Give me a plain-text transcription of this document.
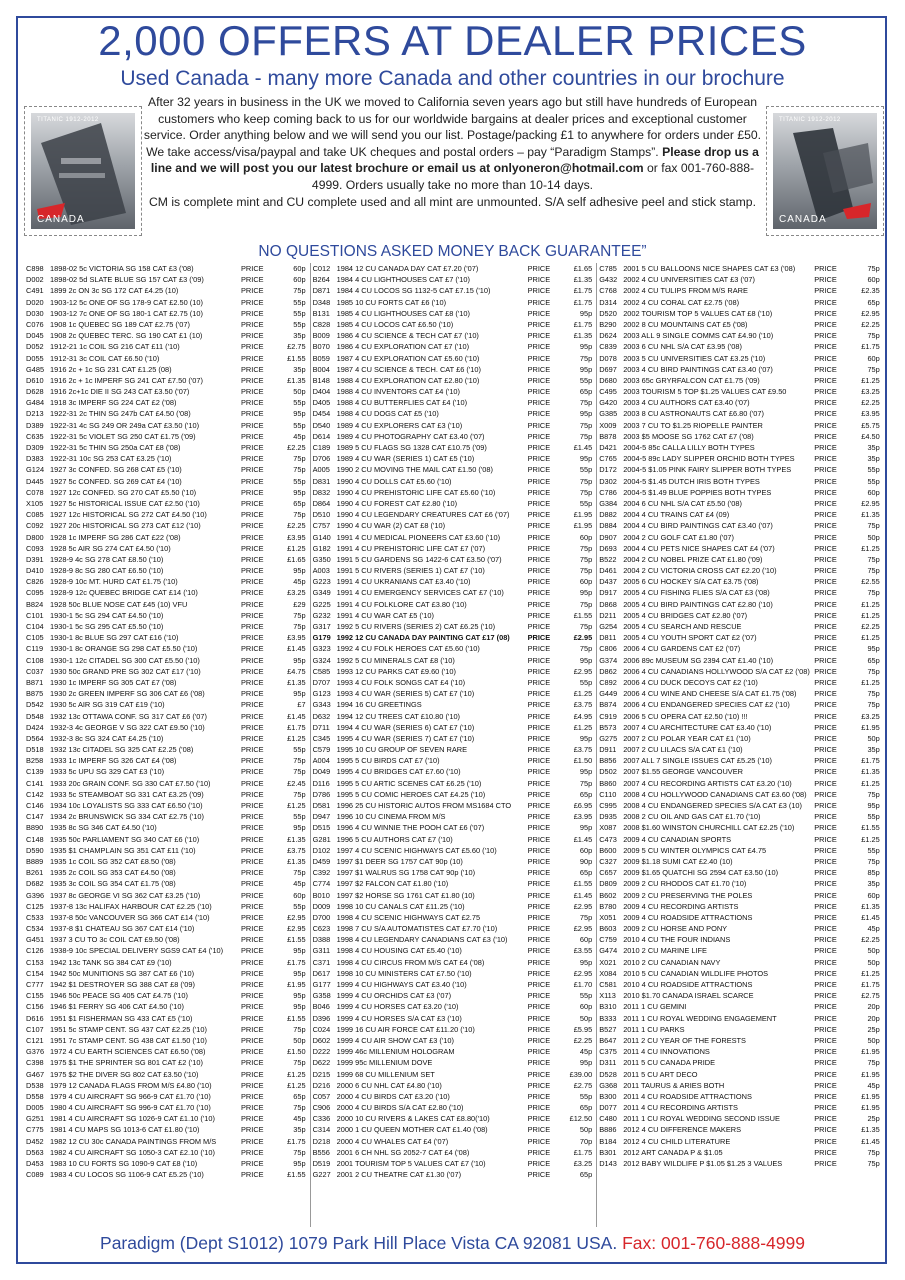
2,000 OFFERS AT DEALER PRICES
Used Canada - many more Canada and other countries in our brochure
TITANIC 1912-2012
CANADA
TITANIC 1912-2012
CANADA

After 32 years in business in the UK we moved to California seven years ago but still have hundreds of European customers who keep coming back to us for our worldwide bargains at dealer prices and exceptional customer service. Order anything below and we will send you our list. Postage/packing £1 to anywhere for orders under £50. We take access/visa/paypal and take UK cheques and postal orders – pay “Paradigm Stamps”. Please drop us a line and we will post you our latest brochure or email us at onlyoneron@hotmail.com or fax 001-760-888-4999. Orders usually take no more than 10-14 days.

CM is complete mint and CU complete used and all mint are unmounted. S/A self adhesive peel and stick stamp.

NO QUESTIONS ASKED MONEY BACK GUARANTEE”
C898 1898-02 5c VICTORIA SG 158 CAT £3 ('08)	PRICE	60p
D002 1898-02 5d SLATE BLUE SG 157 CAT £3 ('09)	PRICE	60p
C491 1899 2c ON 3c SG 172 CAT £4.25 (10)	PRICE	75p
D020 1903-12 5c ONE OF SG 178-9 CAT £2.50 (10)	PRICE	55p
D030 1903-12 7c ONE OF SG 180-1 CAT £2.75 (10)	PRICE	55p
C076 1908 1c QUEBEC SG 189 CAT £2.75 ('07)	PRICE	55p
D045 1908 2c QUEBEC TERC. SG 190 CAT £1 (10)	PRICE	35p
D052 1912-21 1c COIL SG 216 CAT £11 ('10)	PRICE	£2.75
D055 1912-31 3c COIL CAT £6.50 ('10)	PRICE	£1.55
G485 1916 2c + 1c SG 231 CAT £1.25 (08)	PRICE	35p
D610 1916 2c + 1c IMPERF SG 241 CAT £7.50 ('07)	PRICE	£1.35
D628 1916 2c+1c DIE II SG 243 CAT £3.50 ('07)	PRICE	50p
G484 1918 3c IMPERF SG 224 CAT £2 ('08)	PRICE	55p
D213 1922-31 2c THIN SG 247b CAT £4.50 ('08)	PRICE	95p
D389 1922-31 4c SG 249 OR 249a CAT £3.50 ('10)	PRICE	55p
C635 1922-31 5c VIOLET SG 250 CAT £1.75 ('09)	PRICE	45p
D309 1922-31 5c THIN SG 250a CAT £8 ('08)	PRICE	£2.25
D383 1922-31 10c SG 253 CAT £3.25 ('10)	PRICE	75p
G124 1927 3c CONFED. SG 268 CAT £5 ('10)	PRICE	75p
D445 1927 5c CONFED. SG 269 CAT £4 ('10)	PRICE	55p
C078 1927 12c CONFED. SG 270 CAT £5.50 ('10)	PRICE	95p
X105 1927 5c HISTORICAL ISSUE CAT £2.50 ('10)	PRICE	65p
C085 1927 12c HISTORICAL SG 272 CAT £4.50 ('10)	PRICE	75p
C092 1927 20c HISTORICAL SG 273 CAT £12 ('10)	PRICE	£2.25
D800 1928 1c IMPERF SG 286 CAT £22 ('08)	PRICE	£3.95
C093 1928 5c AIR SG 274 CAT £4.50 ('10)	PRICE	£1.25
D391 1928-9 4c SG 278 CAT £8.50 ('10)	PRICE	£1.65
D410 1928-9 8c SG 280 CAT £6.50 ('10)	PRICE	95p
C826 1928-9 10c MT. HURD CAT £1.75 ('10)	PRICE	45p
C095 1928-9 12c QUEBEC BRIDGE CAT £14 ('10)	PRICE	£3.25
B824 1928 50c BLUE NOSE CAT £45 (10) VFU	PRICE	£29
C101 1930-1 5c SG 294 CAT £4.50 ('10)	PRICE	75p
C104 1930-1 5c SG 295 CAT £5.50 ('10)	PRICE	75p
C105 1930-1 8c BLUE SG 297 CAT £16 ('10)	PRICE	£3.95
C119 1930-1 8c ORANGE SG 298 CAT £5.50 ('10)	PRICE	£1.45
C108 1930-1 12c CITADEL SG 300 CAT £5.50 ('10)	PRICE	95p
C037 1930 50c GRAND PRE SG 302 CAT £17 ('10)	PRICE	£4.75
B871 1930 1c IMPERF SG 305 CAT £7 ('08)	PRICE	£1.35
B875 1930 2c GREEN IMPERF SG 306 CAT £6 ('08)	PRICE	95p
D542 1930 5c AIR SG 319 CAT £19 ('10)	PRICE	£7
D548 1932 13c OTTAWA CONF. SG 317 CAT £6 ('07)	PRICE	£1.45
D424 1932-3 4c GEORGE V SG 322 CAT £9.50 ('10)	PRICE	£1.75
D564 1932-3 8c SG 324 CAT £4.25 ('10)	PRICE	£1.25
D518 1932 13c CITADEL SG 325 CAT £2.25 ('08)	PRICE	55p
B258 1933 1c IMPERF SG 326 CAT £4 ('08)	PRICE	75p
C139 1933 5c UPU SG 329 CAT £3 ('10)	PRICE	75p
C141 1933 20c GRAIN CONF. SG 330 CAT £7.50 ('10)	PRICE	£2.45
C142 1933 5c STEAMBOAT SG 331 CAT £3.25 ('09)	PRICE	75p
C146 1934 10c LOYALISTS SG 333 CAT £6.50 ('10)	PRICE	£1.25
C147 1934 2c BRUNSWICK SG 334 CAT £2.75 ('10)	PRICE	55p
B890 1935 8c SG 346 CAT £4.50 ('10)	PRICE	95p
C148 1935 50c PARLIAMENT SG 340 CAT £6 ('10)	PRICE	£1.35
D590 1935 $1 CHAMPLAIN SG 351 CAT £11 ('10)	PRICE	£3.75
B889 1935 1c COIL SG 352 CAT £8.50 ('08)	PRICE	£1.35
B261 1935 2c COIL SG 353 CAT £4.50 ('08)	PRICE	75p
D682 1935 3c COIL SG 354 CAT £1.75 ('08)	PRICE	45p
G396 1937 8c GEORGE VI SG 362 CAT £3.25 ('10)	PRICE	60p
C125 1937-8 13c HALIFAX HARBOUR CAT £2.25 ('10)	PRICE	55p
C533 1937-8 50c VANCOUVER SG 366 CAT £14 ('10)	PRICE	£2.95
C534 1937-8 $1 CHATEAU SG 367 CAT £14 ('10)	PRICE	£2.95
G451 1937 3 CU TO 3c COIL CAT £9.50 ('08)	PRICE	£1.55
C126 1938-9 10c SPECIAL DELIVERY SGS9 CAT £4 ('10) PRICE	95p
C153 1942 13c TANK SG 384 CAT £9 ('10)	PRICE	£1.75
C154 1942 50c MUNITIONS SG 387 CAT £6 ('10)	PRICE	95p
C777 1942 $1 DESTROYER SG 388 CAT £8 ('09)	PRICE	£1.95
C155 1946 50c PEACE SG 405 CAT £4.75 ('10)	PRICE	95p
C156 1946 $1 FERRY SG 406 CAT £4.50 ('10)	PRICE	95p
D616 1951 $1 FISHERMAN SG 433 CAT £5 ('10)	PRICE	£1.55
C107 1951 5c STAMP CENT. SG 437 CAT £2.25 ('10)	PRICE	75p
C121 1951 7c STAMP CENT. SG 438 CAT £1.50 ('10)	PRICE	50p
G376 1972 4 CU EARTH SCIENCES CAT £6.50 ('08)	PRICE	£1.50
C398 1975 $1 THE SPRINTER SG 801 CAT £2 ('10)	PRICE	75p
G467 1975 $2 THE DIVER SG 802 CAT £3.50 ('10)	PRICE	£1.25
D538 1979 12 CANADA FLAGS FROM M/S £4.80 ('10)	PRICE	£1.25
D558 1979 4 CU AIRCRAFT SG 966-9 CAT £1.70 ('10)	PRICE	65p
D005 1980 4 CU AIRCRAFT SG 996-9 CAT £1.70 ('10)	PRICE	75p
G251 1981 4 CU AIRCRAFT SG 1026-9 CAT £1.10 ('10)	PRICE	45p
C775 1981 4 CU MAPS SG 1013-6 CAT £1.80 ('10)	PRICE	35p
D452 1982 12 CU 30c CANADA PAINTINGS FROM M/S	PRICE	£1.75
D563 1982 4 CU AIRCRAFT SG 1050-3 CAT £2.10 ('10)	PRICE	75p
D453 1983 10 CU FORTS SG 1090-9 CAT £8 ('10)	PRICE	95p
C089 1983 4 CU LOCOS SG 1106-9 CAT £5.25 ('10)	PRICE	£1.55
C012 1984 12 CU CANADA DAY CAT £7.20 ('07)	PRICE	£1.65
B264 1984 4 CU LIGHTHOUSES CAT £7 ('10)	PRICE	£1.35
D871 1984 4 CU LOCOS SG 1132-5 CAT £7.15 ('10)	PRICE	£1.75
D348 1985 10 CU FORTS CAT £6 ('10)	PRICE	£1.75
B131 1985 4 CU LIGHTHOUSES CAT £8 ('10)	PRICE	95p
C828 1985 4 CU LOCOS CAT £6.50 ('10)	PRICE	£1.75
B009 1986 4 CU SCIENCE & TECH CAT £7 ('10)	PRICE	£1.35
B070 1986 4 CU EXPLORATION CAT £7 ('10)	PRICE	95p
B059 1987 4 CU EXPLORATION CAT £5.60 ('10)	PRICE	75p
B004 1987 4 CU SCIENCE & TECH. CAT £6 ('10)	PRICE	95p
B148 1988 4 CU EXPLORATION CAT £2.80 ('10)	PRICE	55p
D404 1988 4 CU INVENTORS CAT £4 ('10)	PRICE	65p
D405 1988 4 CU BUTTERFLIES CAT £4 ('10)	PRICE	75p
D454 1988 4 CU DOGS CAT £5 ('10)	PRICE	95p
D540 1989 4 CU EXPLORERS CAT £3 ('10)	PRICE	75p
D614 1989 4 CU PHOTOGRAPHY CAT £3.40 ('07)	PRICE	75p
C189 1989 5 CU FLAGS SG 1328 CAT £10.75 ('09)	PRICE	£1.45
D706 1989 4 CU WAR (SERIES 1) CAT £5 ('10)	PRICE	95p
A005 1990 2 CU MOVING THE MAIL CAT £1.50 ('08)	PRICE	55p
D831 1990 4 CU DOLLS CAT £5.60 ('10)	PRICE	75p
D832 1990 4 CU PREHISTORIC LIFE CAT £5.60 ('10)	PRICE	75p
D864 1990 4 CU FOREST CAT £2.80 ('10)	PRICE	55p
D510 1990 4 CU LEGENDARY CREATURES CAT £6 ('07) PRICE	£1.95
C757 1990 4 CU WAR (2) CAT £8 ('10)	PRICE	£1.95
G140 1991 4 CU MEDICAL PIONEERS CAT £3.60 ('10)	PRICE	60p
G182 1991 4 CU PREHISTORIC LIFE CAT £7 ('07)	PRICE	75p
G350 1991 5 CU GARDENS SG 1422-6 CAT £3.50 ('07)	PRICE	75p
A003 1991 5 CU RIVERS (SERIES 1) CAT £7 ('10)	PRICE	75p
G223 1991 4 CU UKRANIANS CAT £3.40 ('10)	PRICE	60p
G349 1991 4 CU EMERGENCY SERVICES CAT £7 ('10)	PRICE	95p
G225 1991 4 CU FOLKLORE CAT £3.80 ('10)	PRICE	75p
G232 1991 4 CU WAR CAT £5 ('10)	PRICE	£1.55
G317 1992 5 CU RIVERS (SERIES 2) CAT £6.25 ('10)	PRICE	75p
G179 1992 12 CU CANADA DAY PAINTING CAT £17 (08) PRICE	£2.95
G323 1992 4 CU FOLK HEROES CAT £5.60 ('10)	PRICE	75p
G324 1992 5 CU MINERALS CAT £8 ('10)	PRICE	95p
C585 1993 12 CU PARKS CAT £9.60 ('10)	PRICE	£2.95
D707 1993 4 CU FOLK SONGS CAT £4 ('10)	PRICE	55p
G123 1993 4 CU WAR (SERIES 5) CAT £7 ('10)	PRICE	£1.25
G343 1994 16 CU GREETINGS	PRICE	£3.75
D632 1994 12 CU TREES CAT £10.80 ('10)	PRICE	£4.95
D711 1994 4 CU WAR (SERIES 6) CAT £7 ('10)	PRICE	£1.25
C345 1995 4 CU WAR (SERIES 7) CAT £7 ('10)	PRICE	95p
C579 1995 10 CU GROUP OF SEVEN RARE	PRICE	£3.75
A004 1995 5 CU BIRDS CAT £7 ('10)	PRICE	£1.50
D049 1995 4 CU BRIDGES CAT £7.60 ('10)	PRICE	95p
D116 1995 5 CU ARTIC SCENES CAT £6.25 ('10)	PRICE	75p
D786 1995 5 CU COMIC HEROES CAT £4.25 ('10)	PRICE	65p
D581 1996 25 CU HISTORIC AUTOS FROM MS1684 CTO PRICE	£6.95
D947 1996 10 CU CINEMA FROM M/S	PRICE	£3.95
D515 1996 4 CU WINNIE THE POOH CAT £6 ('07)	PRICE	95p
G281 1996 5 CU AUTHORS CAT £7 ('10)	PRICE	£1.45
D102 1997 4 CU SCENIC HIGHWAYS CAT £5.60 ('10)	PRICE	60p
D459 1997 $1 DEER SG 1757 CAT 90p (10)	PRICE	90p
C392 1997 $1 WALRUS SG 1758 CAT 90p ('10)	PRICE	65p
C774 1997 $2 FALCON CAT £1.80 ('10)	PRICE	£1.55
B010 1997 $2 HORSE SG 1761 CAT £1.80 (10)	PRICE	£1.45
D009 1998 10 CU CANALS CAT £11.25 ('10)	PRICE	£2.95
D700 1998 4 CU SCENIC HIGHWAYS CAT £2.75	PRICE	75p
C623 1998 7 CU S/A AUTOMATISTES CAT £7.70 ('10)	PRICE	£2.95
D388 1998 4 CU LEGENDARY CANADIANS CAT £3 ('10)	PRICE	60p
G311 1998 4 CU HOUSING CAT £5.40 ('10)	PRICE	£3.55
C371 1998 4 CU CIRCUS FROM M/S CAT £4 ('08)	PRICE	95p
D617 1998 10 CU MINISTERS CAT £7.50 ('10)	PRICE	£2.95
G177 1999 4 CU HIGHWAYS CAT £3.40 ('10)	PRICE	£1.70
G358 1999 4 CU ORCHIDS CAT £3 ('07)	PRICE	55p
B046 1999 4 CU HORSES CAT £3.20 ('10)	PRICE	60p
D396 1999 4 CU HORSES S/A CAT £3 ('10)	PRICE	50p
C024 1999 16 CU AIR FORCE CAT £11.20 ('10)	PRICE	£5.95
D602 1999 4 CU AIR SHOW CAT £3 ('10)	PRICE	£2.25
D222 1999 46c MILLENIUM HOLOGRAM	PRICE	45p
D622 1999 95c MILLENIUM DOVE	PRICE	95p
D215 1999 68 CU MILLENIUM SET	PRICE	£39.00
D216 2000 6 CU NHL CAT £4.80 ('10)	PRICE	£2.75
C057 2000 4 CU BIRDS CAT £3.20 ('10)	PRICE	55p
C906 2000 4 CU BIRDS S/A CAT £2.80 ('10)	PRICE	65p
C336 2000 10 CU RIVERS & LAKES CAT £8.80('10)	PRICE	£12.50
C314 2000 1 CU QUEEN MOTHER CAT £1.40 ('08)	PRICE	50p
D218 2000 4 CU WHALES CAT £4 ('07)	PRICE	70p
B556 2001 6 CH NHL SG 2052-7 CAT £4 ('08)	PRICE	£1.75
D519 2001 TOURISM TOP 5 VALUES CAT £7 ('10)	PRICE	£3.25
G227 2001 2 CU THEATRE CAT £1.30 ('07)	PRICE	65p
C785 2001 5 CU BALLOONS NICE SHAPES CAT £3 ('08)	PRICE	75p
G432 2002 4 CU UNIVERSITIES CAT £3 ('07)	PRICE	60p
C768 2002 4 CU TULIPS FROM M/S RARE	PRICE	£2.35
D314 2002 4 CU CORAL CAT £2.75 ('08)	PRICE	65p
D520 2002 TOURISM TOP 5 VALUES CAT £8 ('10)	PRICE	£2.95
B290 2002 8 CU MOUNTAINS CAT £5 ('08)	PRICE	£2.25
D624 2003 ALL 9 SINGLE COMMS CAT £4.90 ('10)	PRICE	75p
C839 2003 6 CU NHL S/A CAT £3.95 ('08)	PRICE	£1.75
D078 2003 5 CU UNIVERSITIES CAT £3.25 ('10)	PRICE	60p
D697 2003 4 CU BIRD PAINTINGS CAT £3.40 ('07)	PRICE	75p
D680 2003 65c GRYRFALCON CAT £1.75 ('09)	PRICE	£1.25
C495 2003 TOURISM 5 TOP $1.25 VALUES CAT £9.50	PRICE	£3.25
G420 2003 4 CU AUTHORS CAT £3.40 ('07)	PRICE	£2.25
G385 2003 8 CU ASTRONAUTS CAT £6.80 ('07)	PRICE	£3.95
X009 2003 7 CU TO $1.25 RIOPELLE PAINTER	PRICE	£5.75
B878 2003 $5 MOOSE SG 1762 CAT £7 ('08)	PRICE	£4.50
D421 2004-5 85c CALLA LILLY BOTH TYPES	PRICE	35p
C765 2004-5 89c LADY SLIPPER ORCHID BOTH TYPES	PRICE	35p
D172 2004-5 $1.05 PINK FAIRY SLIPPER BOTH TYPES	PRICE	55p
D302 2004-5 $1.45 DUTCH IRIS BOTH TYPES	PRICE	55p
C786 2004-5 $1.49 BLUE POPPIES BOTH TYPES	PRICE	60p
G384 2004 6 CU NHL S/A CAT £5.50 ('08)	PRICE	£2.95
D882 2004 4 CU TRAINS CAT £4 (09)	PRICE	£1.35
D884 2004 4 CU BIRD PAINTINGS CAT £3.40 ('07)	PRICE	75p
D907 2004 2 CU GOLF CAT £1.80 ('07)	PRICE	50p
D693 2004 4 CU PETS NICE SHAPES CAT £4 ('07)	PRICE	£1.25
B522 2004 2 CU NOBEL PRIZE CAT £1.80 ('09)	PRICE	75p
D461 2004 2 CU VICTORIA CROSS CAT £2.20 ('10)	PRICE	75p
D437 2005 6 CU HOCKEY S/A CAT £3.75 ('08)	PRICE	£2.55
D917 2005 4 CU FISHING FLIES S/A CAT £3 ('08)	PRICE	75p
D868 2005 4 CU BIRD PAINTINGS CAT £2.80 ('10)	PRICE	£1.25
D211 2005 4 CU BRIDGES CAT £2.80 ('07)	PRICE	£1.25
G254 2005 4 CU SEARCH AND RESCUE	PRICE	£2.25
D811 2005 4 CU YOUTH SPORT CAT £2 ('07)	PRICE	£1.25
C806 2006 4 CU GARDENS CAT £2 ('07)	PRICE	95p
G374 2006 89c MUSEUM SG 2394 CAT £1.40 ('10)	PRICE	65p
D862 2006 4 CU CANADIANS HOLLYWOOD S/A CAT £2 ('08) PRICE	75p
C892 2006 4 CU DUCK DECOYS CAT £2 ('10)	PRICE	£1.25
G449 2006 4 CU WINE AND CHEESE S/A CAT £1.75 ('08) PRICE	75p
B874 2006 4 CU ENDANGERED SPECIES CAT £2 ('10)	PRICE	75p
C919 2006 5 CU OPERA CAT £2.50 ('10) !!!	PRICE	£3.25
B573 2007 4 CU ARCHITECTURE CAT £3.40 ('10)	PRICE	£1.95
G275 2007 2 CU POLAR YEAR CAT £1 ('10)	PRICE	50p
D911 2007 2 CU LILACS S/A CAT £1 ('10)	PRICE	35p
B856 2007 ALL 7 SINGLE ISSUES CAT £5.25 ('10)	PRICE	£1.75
D502 2007 $1.55 GEORGE VANCOUVER	PRICE	£1.35
B860 2007 4 CU RECORDING ARTISTS CAT £3.20 ('10)	PRICE	£1.25
C110 2008 4 CU HOLLYWOOD CANADIANS CAT £3.60 ('08) PRICE	75p
C995 2008 4 CU ENDANGERED SPECIES S/A CAT £3 (10) PRICE	95p
D935 2008 2 CU OIL AND GAS CAT £1.70 ('10)	PRICE	55p
X087 2008 $1.60 WINSTON CHURCHILL CAT £2.25 ('10)	PRICE	£1.55
C473 2009 4 CU CANADIAN SPORTS	PRICE	£1.25
B600 2009 5 CU WINTER OLYMPICS CAT £4.75	PRICE	55p
C327 2009 $1.18 SUMI CAT £2.40 (10)	PRICE	75p
C657 2009 $1.65 QUATCHI SG 2594 CAT £3.50 (10)	PRICE	85p
D809 2009 2 CU RHODOS CAT £1.70 ('10)	PRICE	35p
B602 2009 2 CU PRESERVING THE POLES	PRICE	60p
B780 2009 4 CU RECORDING ARTISTS	PRICE	£1.35
X051 2009 4 CU ROADSIDE ATTRACTIONS	PRICE	£1.45
B603 2009 2 CU HORSE AND PONY	PRICE	45p
C759 2010 4 CU THE FOUR INDIANS	PRICE	£2.25
G474 2010 2 CU MARINE LIFE	PRICE	50p
X021 2010 2 CU CANADIAN NAVY	PRICE	50p
X084 2010 5 CU CANADIAN WILDLIFE PHOTOS	PRICE	£1.25
C581 2010 4 CU ROADSIDE ATTRACTIONS	PRICE	£1.75
X113 2010 $1.70 CANADA ISRAEL SCARCE	PRICE	£2.75
B310 2011 1 CU GEMINI	PRICE	20p
B333 2011 1 CU ROYAL WEDDING ENGAGEMENT	PRICE	20p
B527 2011 1 CU PARKS	PRICE	25p
B647 2011 2 CU YEAR OF THE FORESTS	PRICE	50p
C375 2011 4 CU INNOVATIONS	PRICE	£1.95
D311 2011 5 CU CANADA PRIDE	PRICE	75p
D528 2011 5 CU ART DECO	PRICE	£1.95
G368 2011 TAURUS & ARIES BOTH	PRICE	45p
B300 2011 4 CU ROADSIDE ATTRACTIONS	PRICE	£1.95
D077 2011 4 CU RECORDING ARTISTS	PRICE	£1.95
C480 2011 1 CU ROYAL WEDDING SECOND ISSUE	PRICE	25p
B886 2012 4 CU DIFFERENCE MAKERS	PRICE	£1.35
B184 2012 4 CU CHILD LITERATURE	PRICE	£1.45
B301 2012 ART CANADA P & $1.05	PRICE	75p
D143 2012 BABY WILDLIFE P $1.05 $1.25 3 VALUES	PRICE	75p
Paradigm (Dept S1012) 1079 Park Hill Place Vista CA 92081 USA. Fax: 001-760-888-4999
